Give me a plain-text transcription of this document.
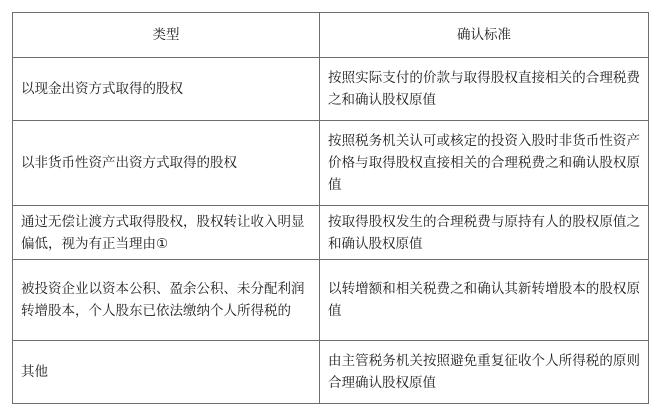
类型	确认标准
以现金出资方式取得的股权	按照实际支付的价款与取得股权直接相关的合理税费之和确认股权原值
以非货币性资产出资方式取得的股权	按照税务机关认可或核定的投资入股时非货币性资产价格与取得股权直接相关的合理税费之和确认股权原值
通过无偿让渡方式取得股权，股权转让收入明显偏低，视为有正当理由①	按取得股权发生的合理税费与原持有人的股权原值之和确认股权原值
被投资企业以资本公积、盈余公积、未分配利润转增股本，个人股东已依法缴纳个人所得税的	以转增额和相关税费之和确认其新转增股本的股权原值
其他	由主管税务机关按照避免重复征收个人所得税的原则合理确认股权原值
